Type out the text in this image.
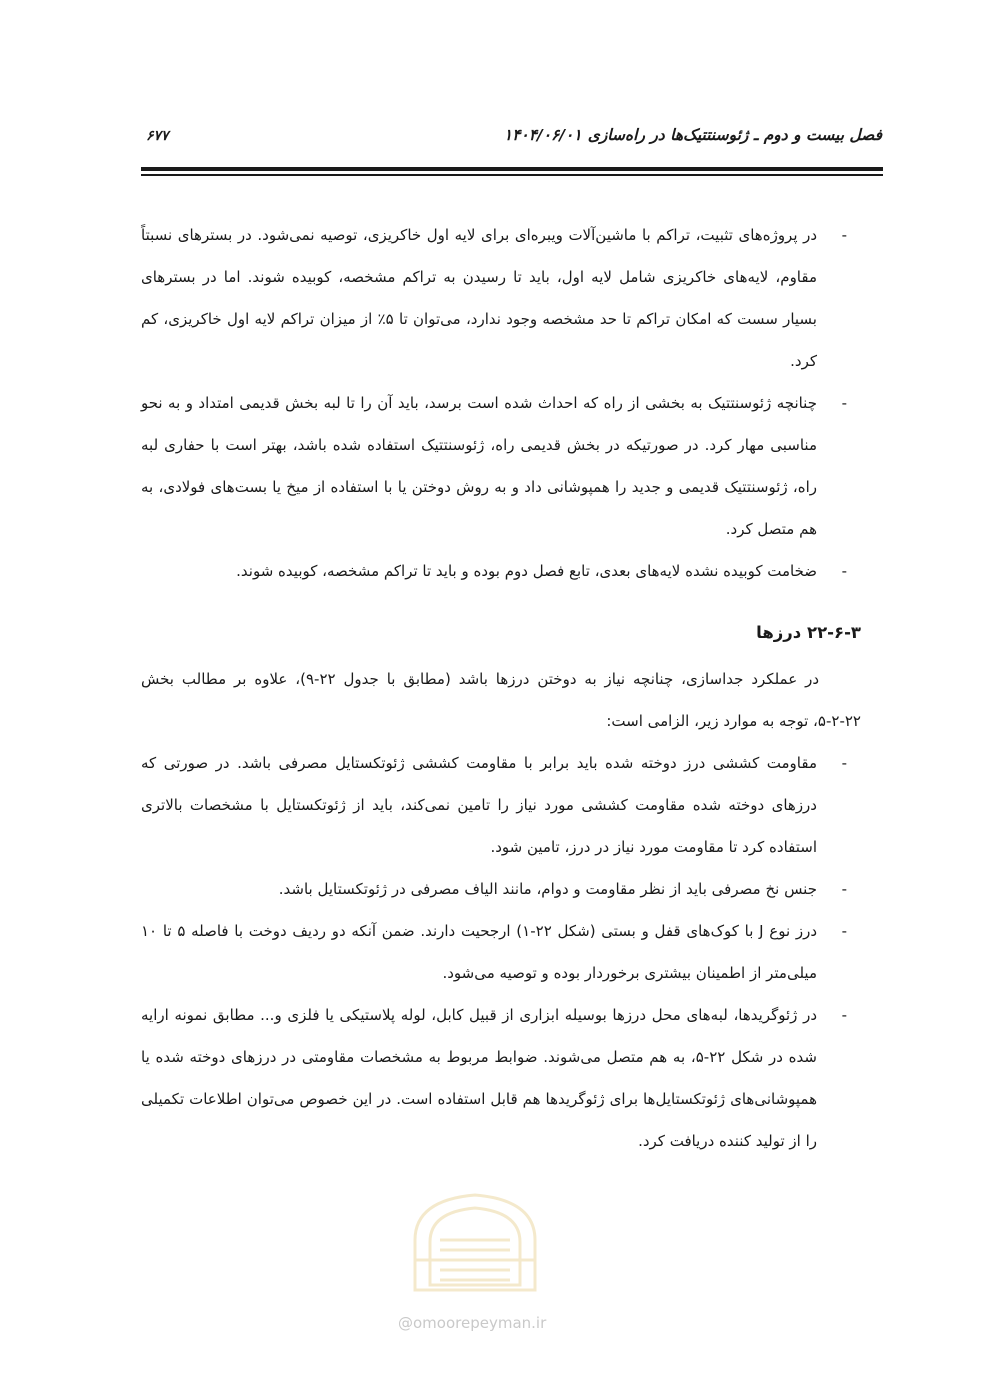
فصل بیست و دوم ـ ژئوسنتتیک‌ها در راه‌سازی۱۴۰۴/۰۶/۰۱
۶۷۷
-
در پروژه‌های تثبیت، تراکم با ماشین‌آلات ویبره‌ای برای لایه اول خاکریزی، توصیه نمی‌شود. در بسترهای نسبتاً مقاوم، لایه‌های خاکریزی شامل لایه اول، باید تا رسیدن به تراکم مشخصه، کوبیده شوند. اما در بسترهای بسیار سست که امکان تراکم تا حد مشخصه وجود ندارد، می‌توان تا ۵٪ از میزان تراکم لایه اول خاکریزی، کم کرد.
-
چنانچه ژئوسنتتیک به بخشی از راه که احداث شده است برسد، باید آن را تا لبه بخش قدیمی امتداد و به نحو مناسبی مهار کرد. در صورتیکه در بخش قدیمی راه، ژئوسنتتیک استفاده شده باشد، بهتر است با حفاری لبه راه، ژئوسنتتیک قدیمی و جدید را همپوشانی داد و به روش دوختن یا با استفاده از میخ یا بست‌های فولادی، به هم متصل کرد.
-
ضخامت کوبیده نشده لایه‌های بعدی، تابع فصل دوم بوده و باید تا تراکم مشخصه، کوبیده شوند.
۲۲-۶-۳ درزها
در عملکرد جداسازی، چنانچه نیاز به دوختن درزها باشد (مطابق با جدول ۲۲-۹)، علاوه بر مطالب بخش ۲۲-۲-۵، توجه به موارد زیر، الزامی است:
-
مقاومت کششی درز دوخته شده باید برابر با مقاومت کششی ژئوتکستایل مصرفی باشد. در صورتی که درزهای دوخته شده مقاومت کششی مورد نیاز را تامین نمی‌کند، باید از ژئوتکستایل با مشخصات بالاتری استفاده کرد تا مقاومت مورد نیاز در درز، تامین شود.
-
جنس نخ مصرفی باید از نظر مقاومت و دوام، مانند الیاف مصرفی در ژئوتکستایل باشد.
-
درز نوع J با کوک‌های قفل و بستی (شکل ۲۲-۱) ارجحیت دارند. ضمن آنکه دو ردیف دوخت با فاصله ۵ تا ۱۰ میلی‌متر از اطمینان بیشتری برخوردار بوده و توصیه می‌شود.
-
در ژئوگریدها، لبه‌های محل درزها بوسیله ابزاری از قبیل کابل، لوله پلاستیکی یا فلزی و... مطابق نمونه ارایه شده در شکل ۲۲-۵، به هم متصل می‌شوند. ضوابط مربوط به مشخصات مقاومتی در درزهای دوخته شده یا همپوشانی‌های ژئوتکستایل‌ها برای ژئوگریدها هم قابل استفاده است. در این خصوص می‌توان اطلاعات تکمیلی را از تولید کننده دریافت کرد.
@omoorepeyman.ir
